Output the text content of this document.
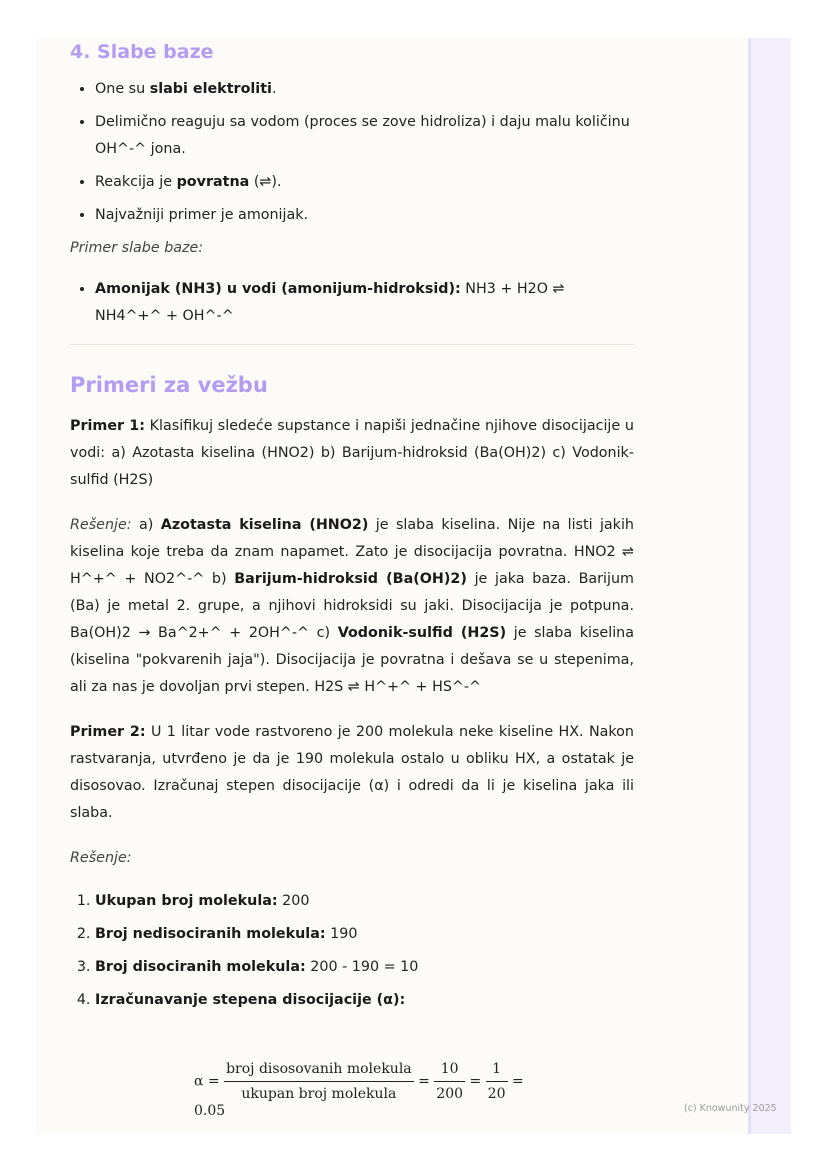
4. Slabe baze
• One su slabi elektroliti.
• Delimično reaguju sa vodom (proces se zove hidroliza) i daju malu količinu OH^-^ jona.
• Reakcija je povratna (⇌).
• Najvažniji primer je amonijak.

Primer slabe baze:

• Amonijak (NH3) u vodi (amonijum-hidroksid): NH3 + H2O ⇌ NH4^+^ + OH^-^
Primeri za vežbu

Primer 1: Klasifikuj sledeće supstance i napiši jednačine njihove disocijacije u vodi: a) Azotasta kiselina (HNO2) b) Barijum-hidroksid (Ba(OH)2) c) Vodonik-sulfid (H2S)

Rešenje: a) Azotasta kiselina (HNO2) je slaba kiselina. Nije na listi jakih kiselina koje treba da znam napamet. Zato je disocijacija povratna. HNO2 ⇌ H^+^ + NO2^-^ b) Barijum-hidroksid (Ba(OH)2) je jaka baza. Barijum (Ba) je metal 2. grupe, a njihovi hidroksidi su jaki. Disocijacija je potpuna. Ba(OH)2 → Ba^2+^ + 2OH^-^ c) Vodonik-sulfid (H2S) je slaba kiselina (kiselina "pokvarenih jaja"). Disocijacija je povratna i dešava se u stepenima, ali za nas je dovoljan prvi stepen. H2S ⇌ H^+^ + HS^-^

Primer 2: U 1 litar vode rastvoreno je 200 molekula neke kiseline HX. Nakon rastvaranja, utvrđeno je da je 190 molekula ostalo u obliku HX, a ostatak je disosovao. Izračunaj stepen disocijacije (α) i odredi da li je kiselina jaka ili slaba.

Rešenje:

1. Ukupan broj molekula: 200
2. Broj nedisociranih molekula: 190
3. Broj disociranih molekula: 200 - 190 = 10
4. Izračunavanje stepena disocijacije (α):
$\alpha = \frac{\text{broj disosovanih molekula}}{\text{ukupan broj molekula}} = \frac{10}{200} = \frac{1}{20} = 0.05$	(c) Knowunity 2025
